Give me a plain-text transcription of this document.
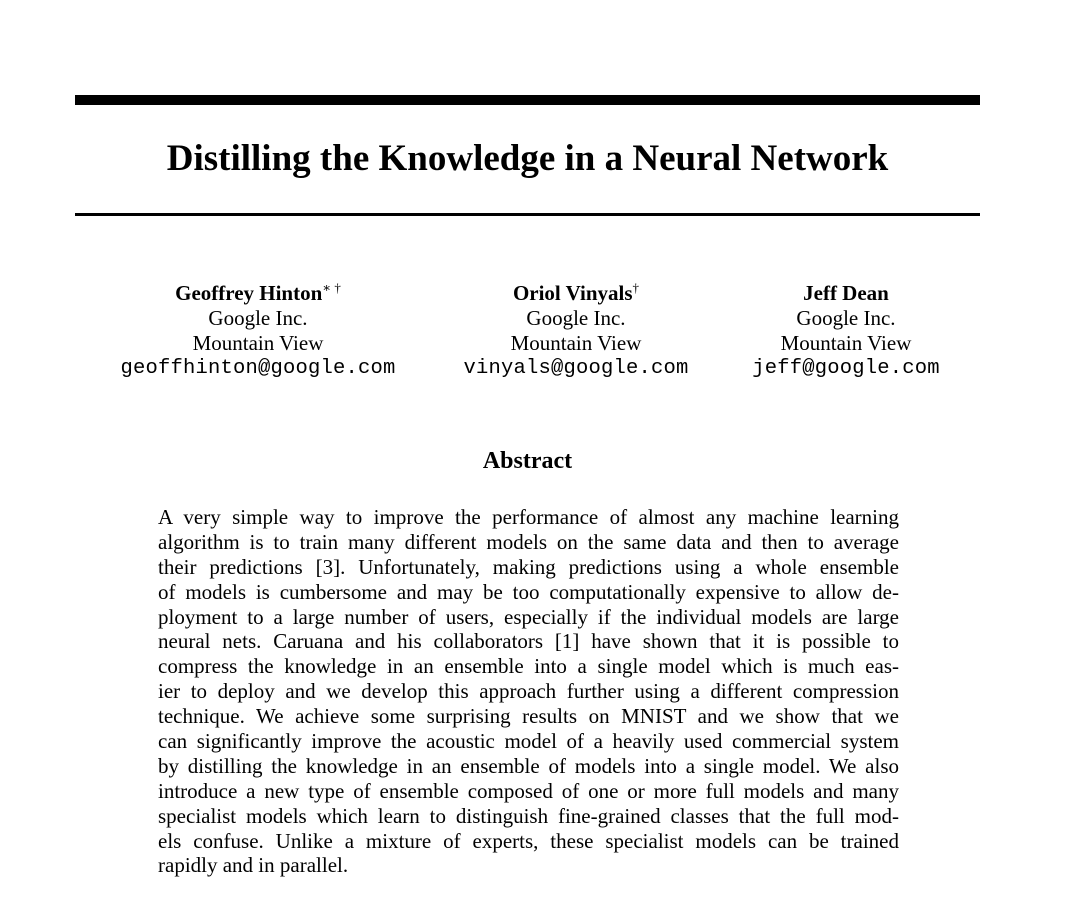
Distilling the Knowledge in a Neural Network
Geoffrey Hinton∗ †
Google Inc.
Mountain View
geoffhinton@google.com
Oriol Vinyals†
Google Inc.
Mountain View
vinyals@google.com
Jeff Dean
Google Inc.
Mountain View
jeff@google.com
Abstract
A very simple way to improve the performance of almost any machine learning
algorithm is to train many different models on the same data and then to average
their predictions [3]. Unfortunately, making predictions using a whole ensemble
of models is cumbersome and may be too computationally expensive to allow de-
ployment to a large number of users, especially if the individual models are large
neural nets. Caruana and his collaborators [1] have shown that it is possible to
compress the knowledge in an ensemble into a single model which is much eas-
ier to deploy and we develop this approach further using a different compression
technique. We achieve some surprising results on MNIST and we show that we
can significantly improve the acoustic model of a heavily used commercial system
by distilling the knowledge in an ensemble of models into a single model. We also
introduce a new type of ensemble composed of one or more full models and many
specialist models which learn to distinguish fine-grained classes that the full mod-
els confuse. Unlike a mixture of experts, these specialist models can be trained
rapidly and in parallel.
